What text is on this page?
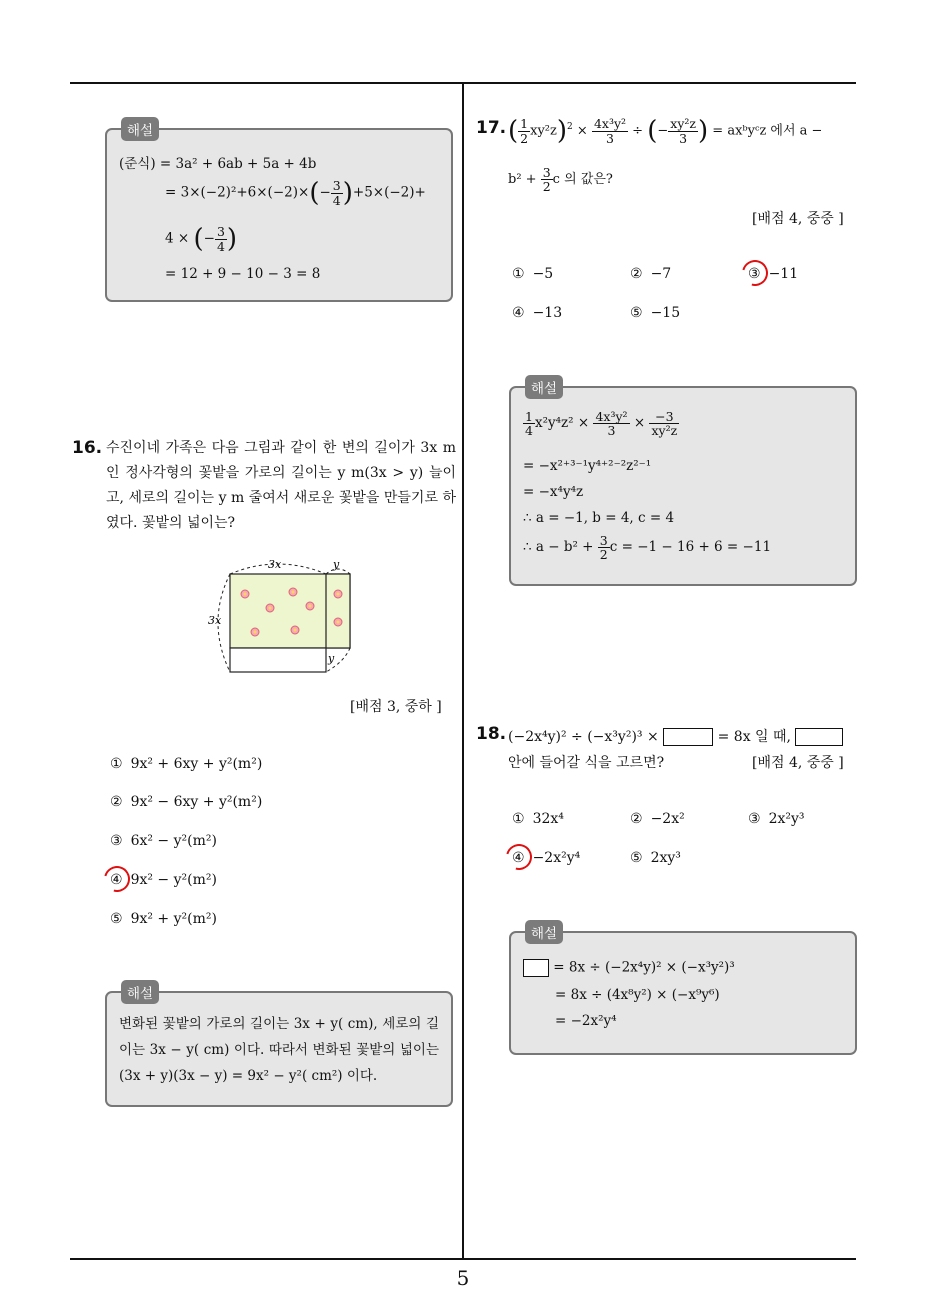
5
해설
(준식) = 3a² + 6ab + 5a + 4b
= $3\times(-2)^2+6\times(-2)\times(- \frac{3}{4} )+5\times(-2)+$
4 × (− $\frac{3}{4}$ )
= 12 + 9 − 10 − 3 = 8
16. 수진이네 가족은 다음 그림과 같이 한 변의 길이가 3x m 인 정사각형의 꽃밭을 가로의 길이는 y m(3x > y) 늘이고, 세로의 길이는 y m 줄여서 새로운 꽃밭을 만들기로 하였다. 꽃밭의 넓이는?
3x	y
3x
y
[배점 3, 중하 ]
① 9x² + 6xy + y²(m²)
② 9x² − 6xy + y²(m²)
③ 6x² − y²(m²)
④ 9x² − y²(m²)
⑤ 9x² + y²(m²)
해설
변화된 꽃밭의 가로의 길이는 3x + y( cm), 세로의 길이는 3x − y( cm) 이다. 따라서 변화된 꽃밭의 넓이는 (3x + y)(3x − y) = 9x² − y²( cm²) 이다.
17. ( $\frac{1}{2} xy^2z)^2 \times \frac{\text{4x³y²}}{3}$ ÷ (− $\frac{\text{xy²z}}{3}$ ) = axᵇyᶜz 에서 a −
$b^2 + \frac{3}{2}$ c 의 값은?
[배점 4, 중중 ]
① −5	② −7	③ −11
④ −13	⑤ −15
해설
$\frac{1}{4} x^2y^4z^2 \times \frac{\text{4x³y²}}{3} \times \frac{-3}{\text{xy²z}}$
= −x²⁺³⁻¹y⁴⁺²⁻²z²⁻¹
= −x⁴y⁴z
∴ a = −1, b = 4, c = 4
∴ $a - b^2 + \frac{3}{2}$ c = −1 − 16 + 6 = −11
18. (−2x⁴y)² ÷ (−x³y²)³ ×	= 8x 일 때,
안에 들어갈 식을 고르면?	[배점 4, 중중 ]
① 32x⁴	② −2x²	③ 2x²y³
④ −2x²y⁴	⑤ 2xy³
해설
= 8x ÷ (−2x⁴y)² × (−x³y²)³
= 8x ÷ (4x⁸y²) × (−x⁹y⁶)
= −2x²y⁴
